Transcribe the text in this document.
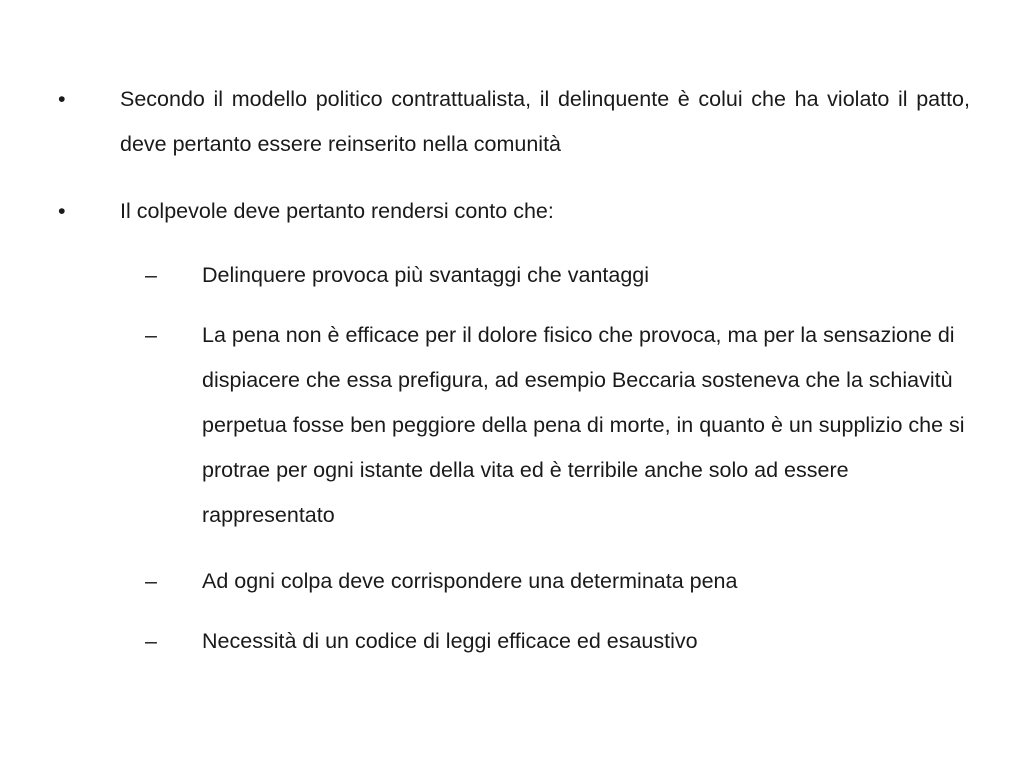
•	Secondo il modello politico contrattualista, il delinquente è colui che ha violato il patto, deve pertanto essere reinserito nella comunità
•	Il colpevole deve pertanto rendersi conto che:
– Delinquere provoca più svantaggi che vantaggi
– La pena non è efficace per il dolore fisico che provoca, ma per la sensazione di dispiacere che essa prefigura, ad esempio Beccaria sosteneva che la schiavitù perpetua fosse ben peggiore della pena di morte, in quanto è un supplizio che si protrae per ogni istante della vita ed è terribile anche solo ad essere rappresentato
– Ad ogni colpa deve corrispondere una determinata pena
– Necessità di un codice di leggi efficace ed esaustivo
